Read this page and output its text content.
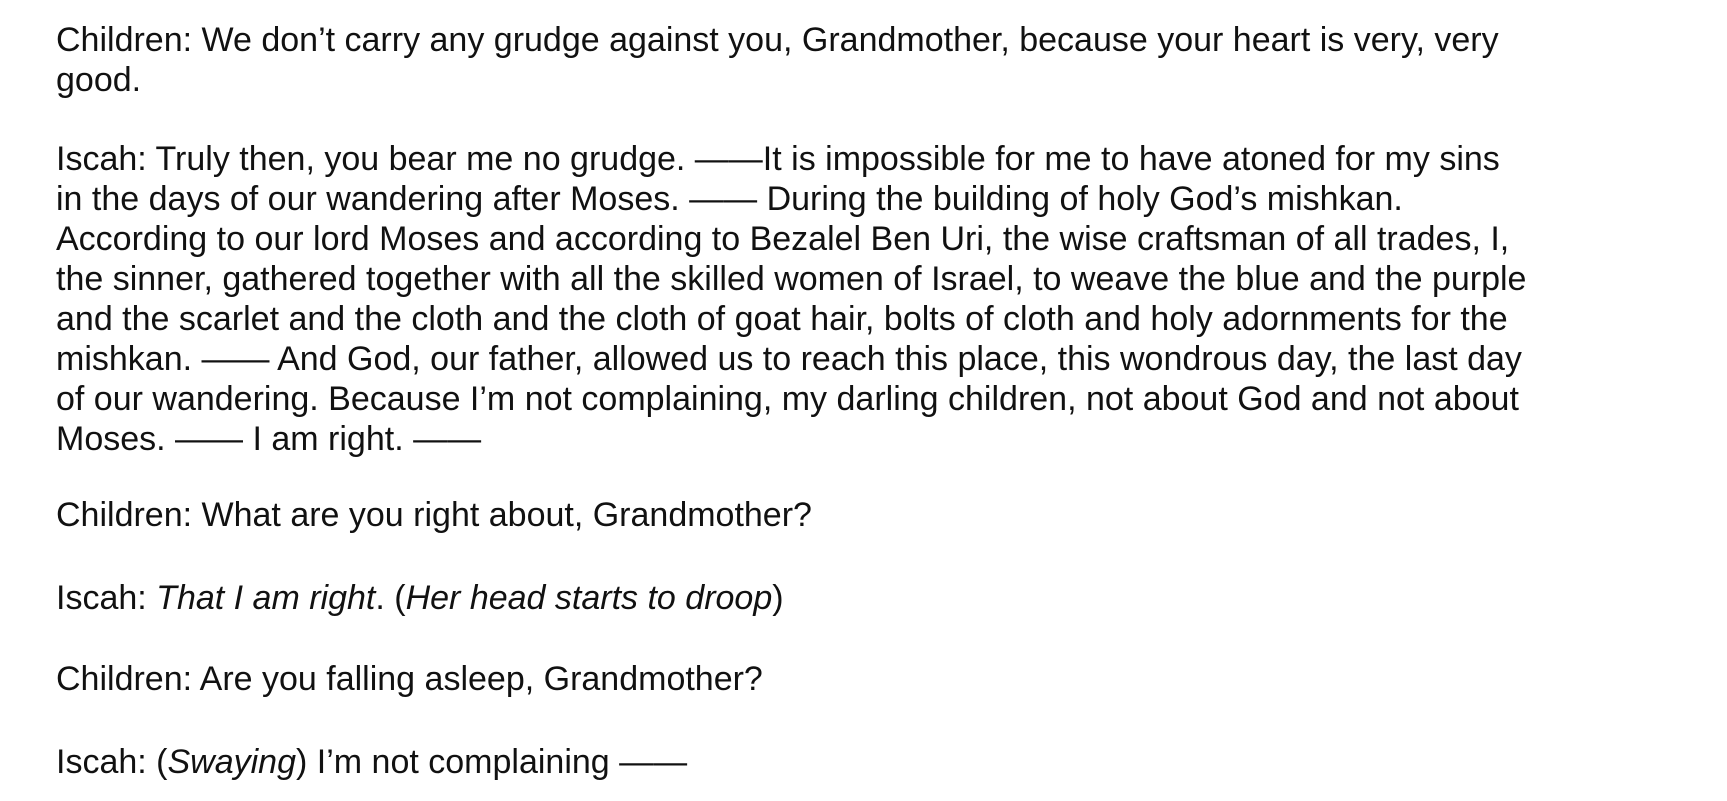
Children: We don’t carry any grudge against you, Grandmother, because your heart is very, very
good.

Iscah: Truly then, you bear me no grudge. ——It is impossible for me to have atoned for my sins
in the days of our wandering after Moses. —— During the building of holy God’s mishkan.
According to our lord Moses and according to Bezalel Ben Uri, the wise craftsman of all trades, I,
the sinner, gathered together with all the skilled women of Israel, to weave the blue and the purple
and the scarlet and the cloth and the cloth of goat hair, bolts of cloth and holy adornments for the
mishkan. —— And God, our father, allowed us to reach this place, this wondrous day, the last day
of our wandering. Because I’m not complaining, my darling children, not about God and not about
Moses. —— I am right. ——

Children: What are you right about, Grandmother?

Iscah: That I am right. (Her head starts to droop)

Children: Are you falling asleep, Grandmother?

Iscah: (Swaying) I’m not complaining ——
